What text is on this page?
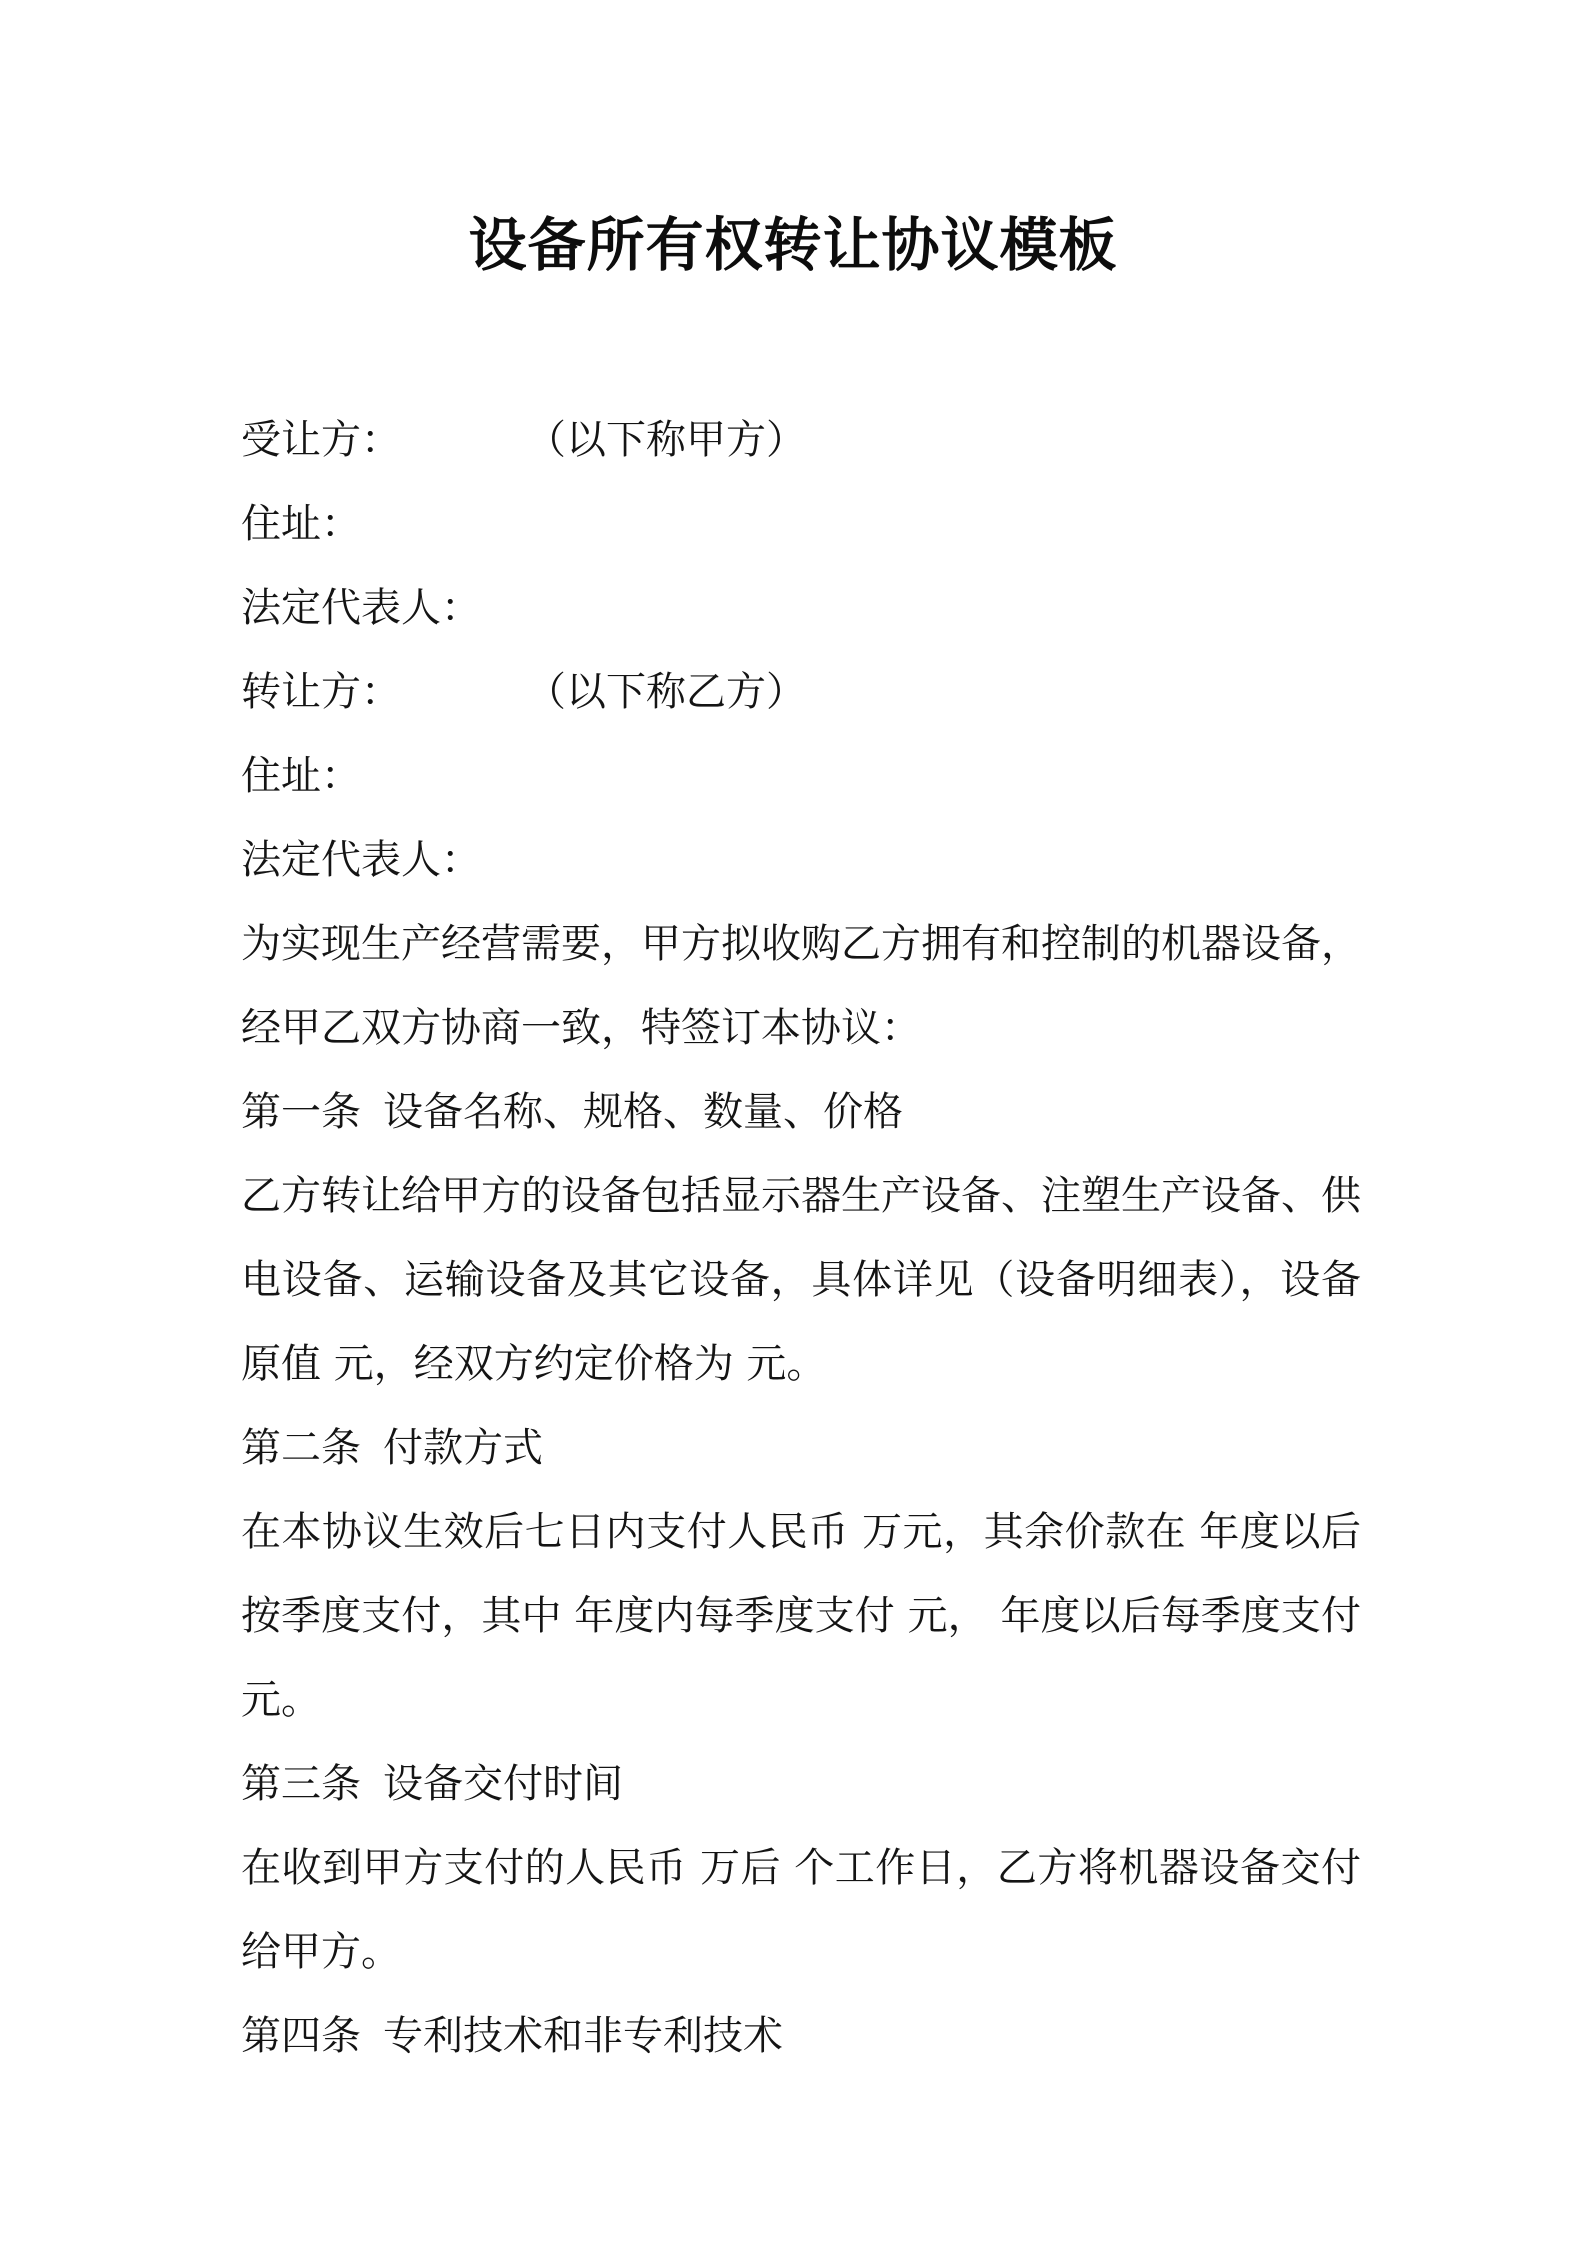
设备所有权转让协议模板
受让方：	（以下称甲方）
住址：
法定代表人：
转让方：	（以下称乙方）
住址：
法定代表人：
为实现生产经营需要，甲方拟收购乙方拥有和控制的机器设备，经甲乙双方协商一致，特签订本协议：
第一条 设备名称、规格、数量、价格
乙方转让给甲方的设备包括显示器生产设备、注塑生产设备、供电设备、运输设备及其它设备，具体详见（设备明细表），设备原值 元，经双方约定价格为 元。
第二条 付款方式
在本协议生效后七日内支付人民币 万元，其余价款在 年度以后按季度支付，其中 年度内每季度支付 元， 年度以后每季度支付 元。
第三条 设备交付时间
在收到甲方支付的人民币 万后 个工作日，乙方将机器设备交付给甲方。
第四条 专利技术和非专利技术
